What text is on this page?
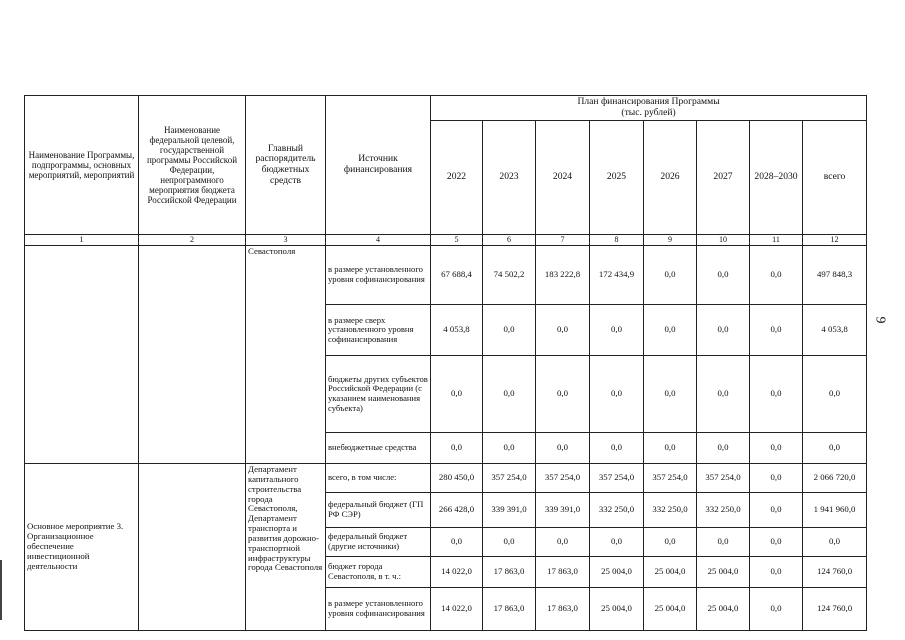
Наименование Программы, подпрограммы, основных мероприятий, мероприятий	Наименование федеральной целевой, государственной программы Российской Федерации, непрограммного мероприятия бюджета Российской Федерации	Главный распорядитель бюджетных средств	Источник финансирования	План финансирования Программы
(тыс. рублей)							

				2022	2023	2024	2025	2026	2027	2028–2030	всего
1	2	3	4	5	6	7	8	9	10	11	12
		Севастополя	в размере установленного уровня софинансирования	67 688,4	74 502,2	183 222,8	172 434,9	0,0	0,0	0,0	497 848,3
			в размере сверх установленного уровня софинансирования	4 053,8	0,0	0,0	0,0	0,0	0,0	0,0	4 053,8
			бюджеты других субъектов Российской Федерации (с указанием наименования субъекта)	0,0	0,0	0,0	0,0	0,0	0,0	0,0	0,0
			внебюджетные средства	0,0	0,0	0,0	0,0	0,0	0,0	0,0	0,0
Основное мероприятие 3. Организационное обеспечение инвестиционной деятельности		Департамент капитального строительства города Севастополя, Департамент транспорта и развития дорожно-транспортной инфраструктуры города Севастополя	всего, в том числе:	280 450,0	357 254,0	357 254,0	357 254,0	357 254,0	357 254,0	0,0	2 066 720,0
			федеральный бюджет (ГП РФ СЭР)	266 428,0	339 391,0	339 391,0	332 250,0	332 250,0	332 250,0	0,0	1 941 960,0
			федеральный бюджет (другие источники)	0,0	0,0	0,0	0,0	0,0	0,0	0,0	0,0
			бюджет города Севастополя, в т. ч.:	14 022,0	17 863,0	17 863,0	25 004,0	25 004,0	25 004,0	0,0	124 760,0
			в размере установленного уровня софинансирования	14 022,0	17 863,0	17 863,0	25 004,0	25 004,0	25 004,0	0,0	124 760,0
9
